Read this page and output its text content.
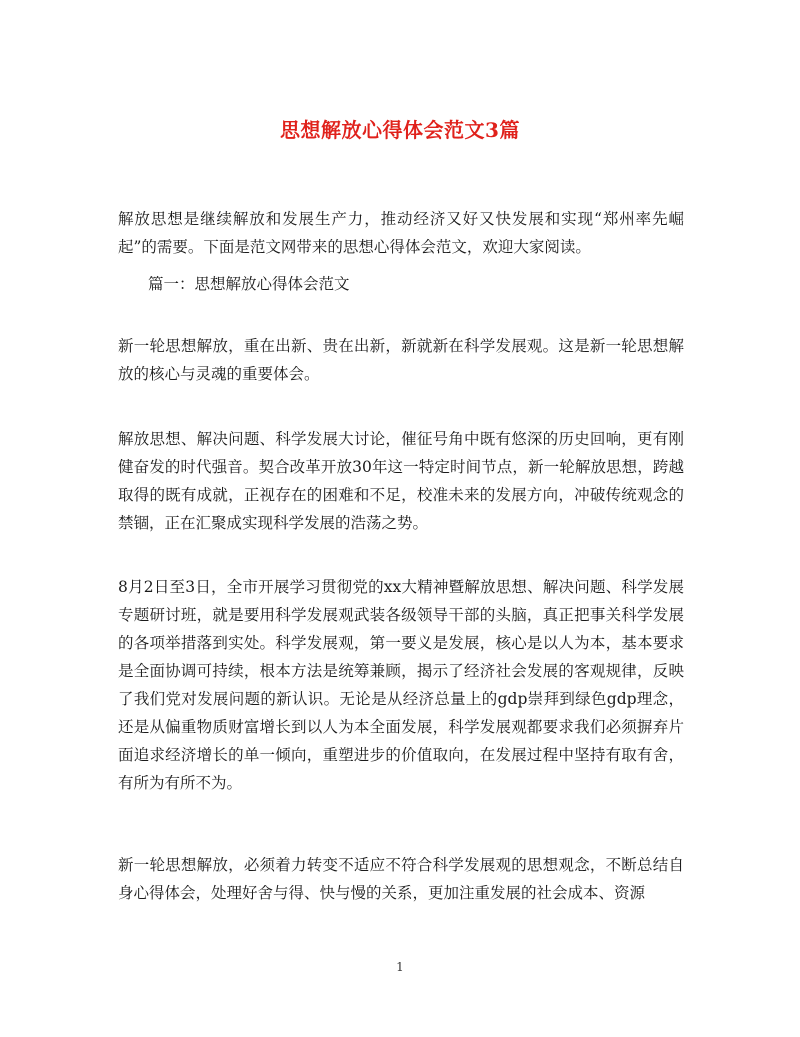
思想解放心得体会范文3篇
解放思想是继续解放和发展生产力，推动经济又好又快发展和实现“郑州率先崛起”的需要。下面是范文网带来的思想心得体会范文，欢迎大家阅读。
篇一：思想解放心得体会范文
新一轮思想解放，重在出新、贵在出新，新就新在科学发展观。这是新一轮思想解放的核心与灵魂的重要体会。
解放思想、解决问题、科学发展大讨论，催征号角中既有悠深的历史回响，更有刚健奋发的时代强音。契合改革开放30年这一特定时间节点，新一轮解放思想，跨越取得的既有成就，正视存在的困难和不足，校准未来的发展方向，冲破传统观念的禁锢，正在汇聚成实现科学发展的浩荡之势。
8月2日至3日，全市开展学习贯彻党的xx大精神暨解放思想、解决问题、科学发展专题研讨班，就是要用科学发展观武装各级领导干部的头脑，真正把事关科学发展的各项举措落到实处。科学发展观，第一要义是发展，核心是以人为本，基本要求是全面协调可持续，根本方法是统筹兼顾，揭示了经济社会发展的客观规律，反映了我们党对发展问题的新认识。无论是从经济总量上的gdp崇拜到绿色gdp理念，还是从偏重物质财富增长到以人为本全面发展，科学发展观都要求我们必须摒弃片面追求经济增长的单一倾向，重塑进步的价值取向，在发展过程中坚持有取有舍，有所为有所不为。
新一轮思想解放，必须着力转变不适应不符合科学发展观的思想观念，不断总结自身心得体会，处理好舍与得、快与慢的关系，更加注重发展的社会成本、资源
1
